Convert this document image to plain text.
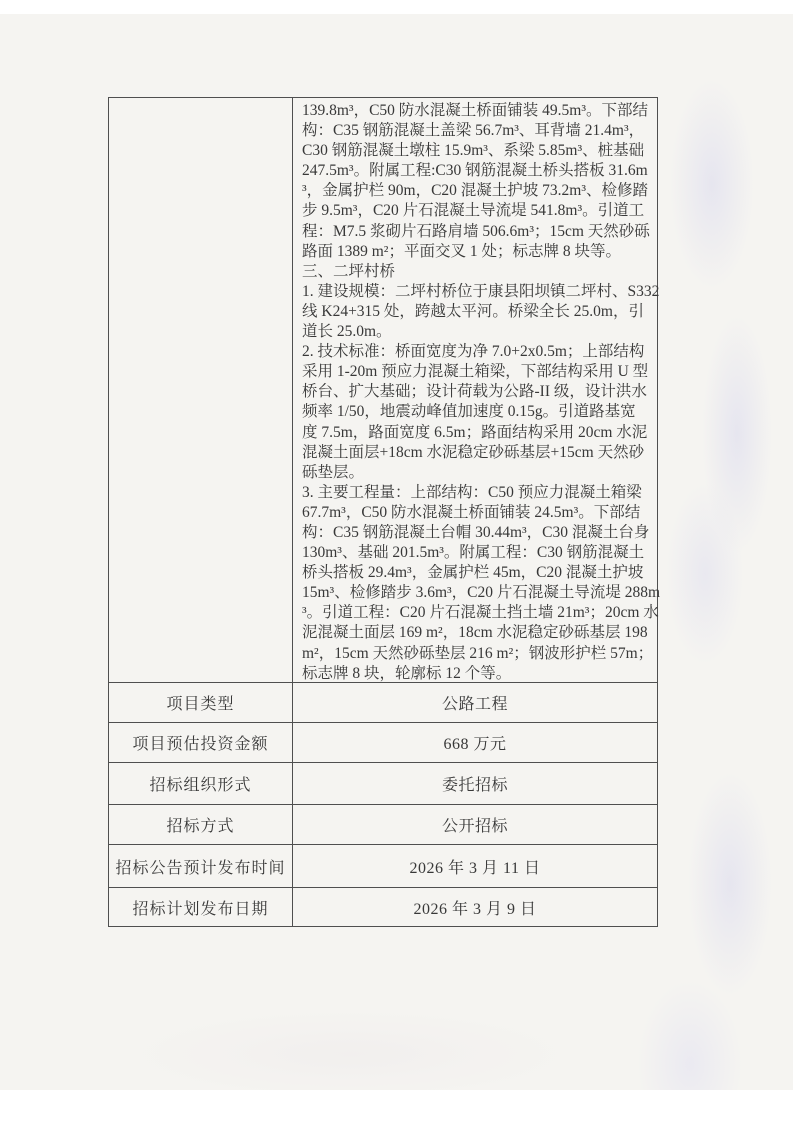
139.8m³，C50 防水混凝土桥面铺装 49.5m³。下部结
构：C35 钢筋混凝土盖梁 56.7m³、耳背墙 21.4m³，
C30 钢筋混凝土墩柱 15.9m³、系梁 5.85m³、桩基础
247.5m³。附属工程:C30 钢筋混凝土桥头搭板 31.6m
³，金属护栏 90m，C20 混凝土护坡 73.2m³、检修踏
步 9.5m³，C20 片石混凝土导流堤 541.8m³。引道工
程：M7.5 浆砌片石路肩墙 506.6m³；15cm 天然砂砾
路面 1389 m²；平面交叉 1 处；标志牌 8 块等。
三、二坪村桥
1. 建设规模：二坪村桥位于康县阳坝镇二坪村、S332
线 K24+315 处，跨越太平河。桥梁全长 25.0m，引
道长 25.0m。
2. 技术标准：桥面宽度为净 7.0+2x0.5m；上部结构
采用 1-20m 预应力混凝土箱梁，下部结构采用 U 型
桥台、扩大基础；设计荷载为公路-II 级，设计洪水
频率 1/50，地震动峰值加速度 0.15g。引道路基宽
度 7.5m，路面宽度 6.5m；路面结构采用 20cm 水泥
混凝土面层+18cm 水泥稳定砂砾基层+15cm 天然砂
砾垫层。
3. 主要工程量：上部结构：C50 预应力混凝土箱梁
67.7m³，C50 防水混凝土桥面铺装 24.5m³。下部结
构：C35 钢筋混凝土台帽 30.44m³，C30 混凝土台身
130m³、基础 201.5m³。附属工程：C30 钢筋混凝土
桥头搭板 29.4m³，金属护栏 45m，C20 混凝土护坡
15m³、检修踏步 3.6m³，C20 片石混凝土导流堤 288m
³。引道工程：C20 片石混凝土挡土墙 21m³；20cm 水
泥混凝土面层 169 m²，18cm 水泥稳定砂砾基层 198
m²，15cm 天然砂砾垫层 216 m²；钢波形护栏 57m；
标志牌 8 块，轮廓标 12 个等。
项目类型	公路工程
项目预估投资金额	668 万元
招标组织形式	委托招标
招标方式	公开招标
招标公告预计发布时间	2026 年 3 月 11 日
招标计划发布日期	2026 年 3 月 9 日
